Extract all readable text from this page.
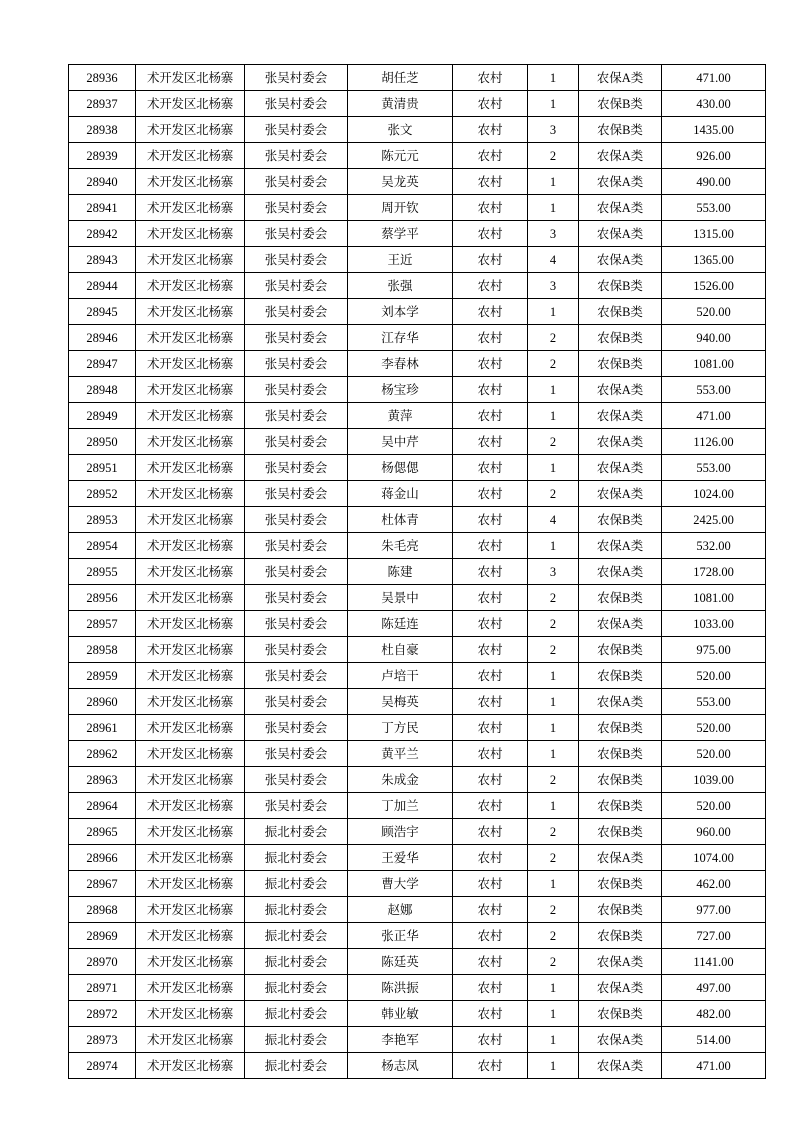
28936	术开发区北杨寨	张吴村委会	胡任芝	农村	1	农保A类	471.00
28937	术开发区北杨寨	张吴村委会	黄清贵	农村	1	农保B类	430.00
28938	术开发区北杨寨	张吴村委会	张文	农村	3	农保B类	1435.00
28939	术开发区北杨寨	张吴村委会	陈元元	农村	2	农保A类	926.00
28940	术开发区北杨寨	张吴村委会	吴龙英	农村	1	农保A类	490.00
28941	术开发区北杨寨	张吴村委会	周开钦	农村	1	农保A类	553.00
28942	术开发区北杨寨	张吴村委会	蔡学平	农村	3	农保A类	1315.00
28943	术开发区北杨寨	张吴村委会	王近	农村	4	农保A类	1365.00
28944	术开发区北杨寨	张吴村委会	张强	农村	3	农保B类	1526.00
28945	术开发区北杨寨	张吴村委会	刘本学	农村	1	农保B类	520.00
28946	术开发区北杨寨	张吴村委会	江存华	农村	2	农保B类	940.00
28947	术开发区北杨寨	张吴村委会	李春林	农村	2	农保B类	1081.00
28948	术开发区北杨寨	张吴村委会	杨宝珍	农村	1	农保A类	553.00
28949	术开发区北杨寨	张吴村委会	黄萍	农村	1	农保A类	471.00
28950	术开发区北杨寨	张吴村委会	吴中芹	农村	2	农保A类	1126.00
28951	术开发区北杨寨	张吴村委会	杨偲偲	农村	1	农保A类	553.00
28952	术开发区北杨寨	张吴村委会	蒋金山	农村	2	农保A类	1024.00
28953	术开发区北杨寨	张吴村委会	杜体青	农村	4	农保B类	2425.00
28954	术开发区北杨寨	张吴村委会	朱毛亮	农村	1	农保A类	532.00
28955	术开发区北杨寨	张吴村委会	陈建	农村	3	农保A类	1728.00
28956	术开发区北杨寨	张吴村委会	吴景中	农村	2	农保B类	1081.00
28957	术开发区北杨寨	张吴村委会	陈廷连	农村	2	农保A类	1033.00
28958	术开发区北杨寨	张吴村委会	杜自豪	农村	2	农保B类	975.00
28959	术开发区北杨寨	张吴村委会	卢培干	农村	1	农保B类	520.00
28960	术开发区北杨寨	张吴村委会	吴梅英	农村	1	农保A类	553.00
28961	术开发区北杨寨	张吴村委会	丁方民	农村	1	农保B类	520.00
28962	术开发区北杨寨	张吴村委会	黄平兰	农村	1	农保B类	520.00
28963	术开发区北杨寨	张吴村委会	朱成金	农村	2	农保B类	1039.00
28964	术开发区北杨寨	张吴村委会	丁加兰	农村	1	农保B类	520.00
28965	术开发区北杨寨	振北村委会	顾浩宇	农村	2	农保B类	960.00
28966	术开发区北杨寨	振北村委会	王爱华	农村	2	农保A类	1074.00
28967	术开发区北杨寨	振北村委会	曹大学	农村	1	农保B类	462.00
28968	术开发区北杨寨	振北村委会	赵娜	农村	2	农保B类	977.00
28969	术开发区北杨寨	振北村委会	张正华	农村	2	农保B类	727.00
28970	术开发区北杨寨	振北村委会	陈廷英	农村	2	农保A类	1141.00
28971	术开发区北杨寨	振北村委会	陈洪振	农村	1	农保A类	497.00
28972	术开发区北杨寨	振北村委会	韩业敏	农村	1	农保B类	482.00
28973	术开发区北杨寨	振北村委会	李艳军	农村	1	农保A类	514.00
28974	术开发区北杨寨	振北村委会	杨志凤	农村	1	农保A类	471.00
